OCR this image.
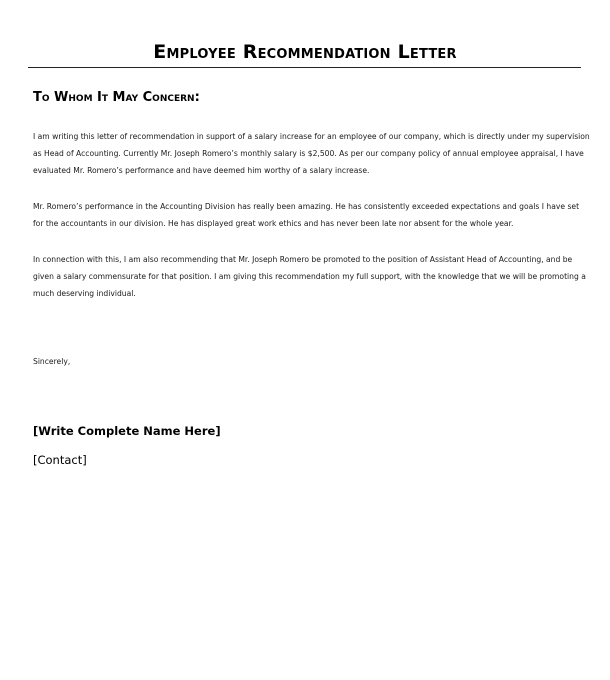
Employee Recommendation Letter
To Whom It May Concern:
I am writing this letter of recommendation in support of a salary increase for an employee of our company, which is directly under my supervision
as Head of Accounting. Currently Mr. Joseph Romero’s monthly salary is $2,500. As per our company policy of annual employee appraisal, I have
evaluated Mr. Romero’s performance and have deemed him worthy of a salary increase.
Mr. Romero’s performance in the Accounting Division has really been amazing. He has consistently exceeded expectations and goals I have set
for the accountants in our division. He has displayed great work ethics and has never been late nor absent for the whole year.
In connection with this, I am also recommending that Mr. Joseph Romero be promoted to the position of Assistant Head of Accounting, and be
given a salary commensurate for that position. I am giving this recommendation my full support, with the knowledge that we will be promoting a
much deserving individual.
Sincerely,
[Write Complete Name Here]
[Contact]
